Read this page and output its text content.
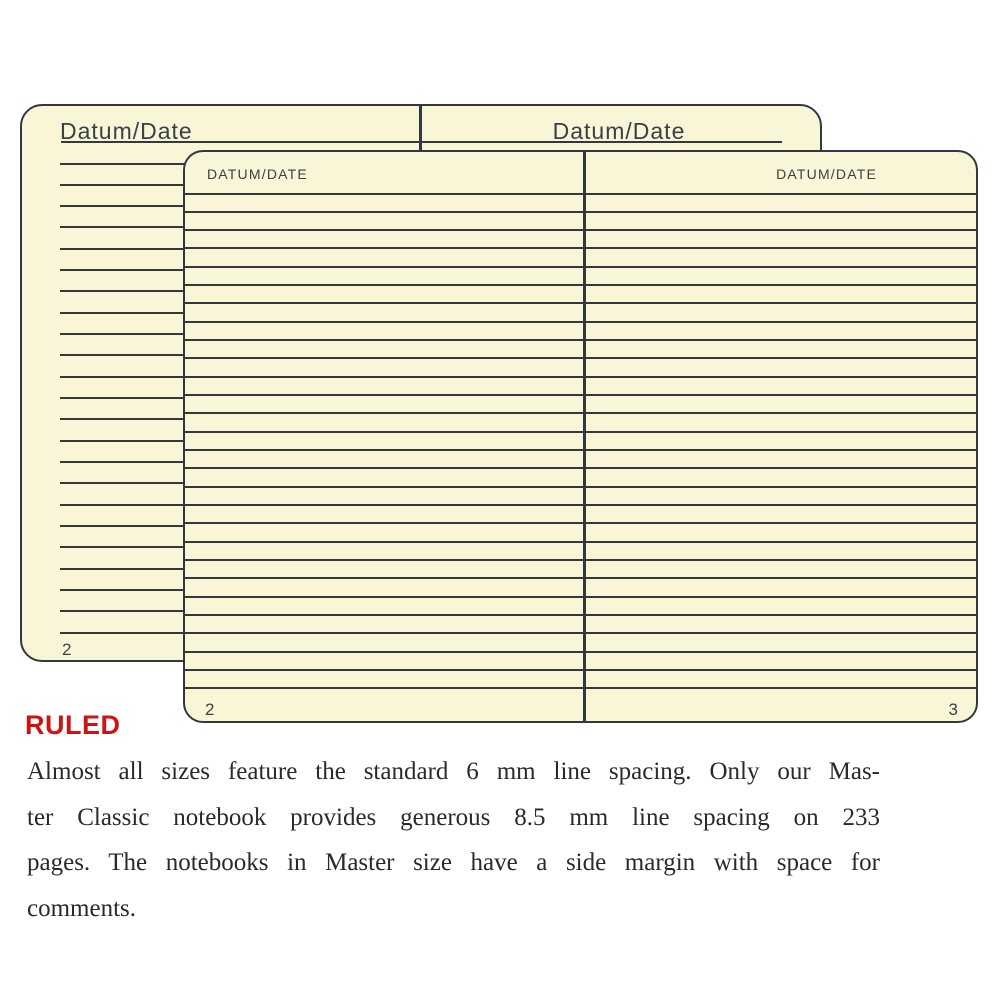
Datum/Date	Datum/Date
2
DATUM/DATE	DATUM/DATE
2	3
RULED
Almost all sizes feature the standard 6 mm line spacing. Only our Mas-
ter Classic notebook provides generous 8.5 mm line spacing on 233
pages. The notebooks in Master size have a side margin with space for
comments.
